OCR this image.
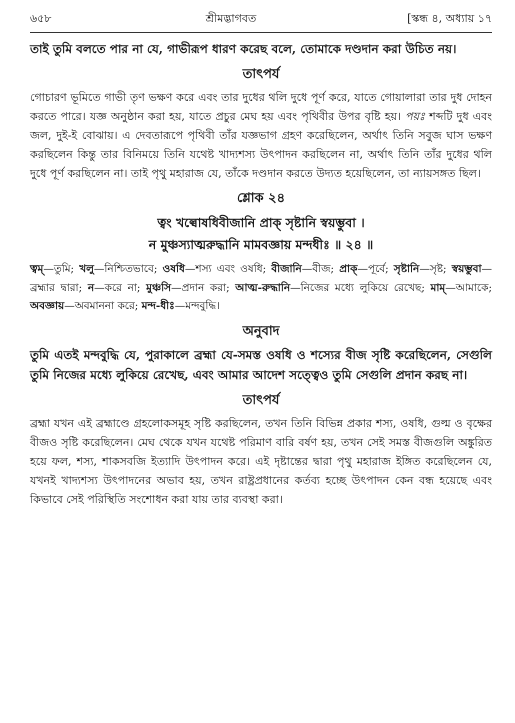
৬৫৮	শ্রীমদ্ভাগবত	[স্কন্ধ ৪, অধ্যায় ১৭

তাই তুমি বলতে পার না যে, গাভীরূপ ধারণ করেছ বলে, তোমাকে দণ্ডদান করা উচিত নয়।

তাৎপর্য

গোচারণ ভূমিতে গাভী তৃণ ভক্ষণ করে এবং তার দুধের থলি দুধে পূর্ণ করে, যাতে গোয়ালারা তার দুধ দোহন করতে পারে। যজ্ঞ অনুষ্ঠান করা হয়, যাতে প্রচুর মেঘ হয় এবং পৃথিবীর উপর বৃষ্টি হয়। পয়ঃ শব্দটি দুধ এবং জল, দুই-ই বোঝায়। এ দেবতারূপে পৃথিবী তাঁর যজ্ঞভাগ গ্রহণ করেছিলেন, অর্থাৎ তিনি সবুজ ঘাস ভক্ষণ করছিলেন কিন্তু তার বিনিময়ে তিনি যথেষ্ট খাদ্যশস্য উৎপাদন করছিলেন না, অর্থাৎ তিনি তাঁর দুধের থলি দুধে পূর্ণ করছিলেন না। তাই পৃথু মহারাজ যে, তাঁকে দণ্ডদান করতে উদ্যত হয়েছিলেন, তা ন্যায়সঙ্গত ছিল।

শ্লোক ২৪
ত্বং খল্বোষধিবীজানি প্রাক্ সৃষ্টানি স্বয়ম্ভুবা ।
ন মুঞ্চস্যাত্মরুদ্ধানি মামবজ্ঞায় মন্দধীঃ ॥ ২৪ ॥

ত্বম্—তুমি; খলু—নিশ্চিতভাবে; ওষধি—শস্য এবং ওষধি; বীজানি—বীজ; প্রাক্—পূর্বে; সৃষ্টানি—সৃষ্ট; স্বয়ম্ভুবা—ব্রহ্মার দ্বারা; ন—করে না; মুঞ্চসি—প্রদান করা; আত্ম-রুদ্ধানি—নিজের মধ্যে লুকিয়ে রেখেছ; মাম্—আমাকে; অবজ্ঞায়—অবমাননা করে; মন্দ-ধীঃ—মন্দবুদ্ধি।

অনুবাদ

তুমি এতই মন্দবুদ্ধি যে, পুরাকালে ব্রহ্মা যে-সমস্ত ওষধি ও শস্যের বীজ সৃষ্টি করেছিলেন, সেগুলি তুমি নিজের মধ্যে লুকিয়ে রেখেছ, এবং আমার আদেশ সত্ত্বেও তুমি সেগুলি প্রদান করছ না।

তাৎপর্য

ব্রহ্মা যখন এই ব্রহ্মাণ্ডে গ্রহলোকসমূহ সৃষ্টি করছিলেন, তখন তিনি বিভিন্ন প্রকার শস্য, ওষধি, গুল্ম ও বৃক্ষের বীজও সৃষ্টি করেছিলেন। মেঘ থেকে যখন যথেষ্ট পরিমাণ বারি বর্ষণ হয়, তখন সেই সমস্ত বীজগুলি অঙ্কুরিত হয়ে ফল, শস্য, শাকসবজি ইত্যাদি উৎপাদন করে। এই দৃষ্টান্তের দ্বারা পৃথু মহারাজ ইঙ্গিত করেছিলেন যে, যখনই খাদ্যশস্য উৎপাদনের অভাব হয়, তখন রাষ্ট্রপ্রধানের কর্তব্য হচ্ছে উৎপাদন কেন বন্ধ হয়েছে এবং কিভাবে সেই পরিস্থিতি সংশোধন করা যায় তার ব্যবস্থা করা।
